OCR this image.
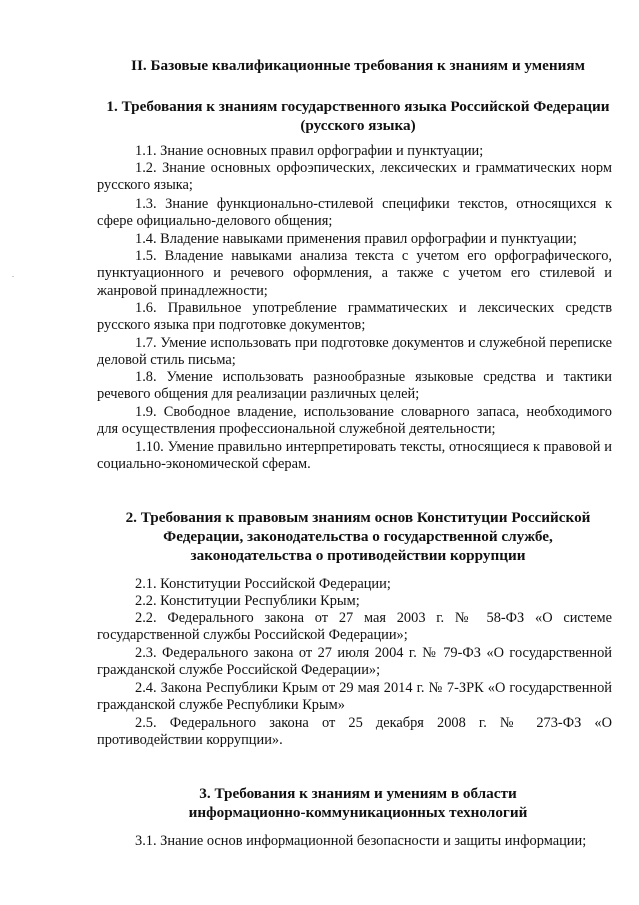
II. Базовые квалификационные требования к знаниям и умениям
1. Требования к знаниям государственного языка Российской Федерации
(русского языка)

1.1. Знание основных правил орфографии и пунктуации;

1.2. Знание основных орфоэпических, лексических и грамматических норм русского языка;

1.3. Знание функционально-стилевой специфики текстов, относящихся к сфере официально-делового общения;

1.4. Владение навыками применения правил орфографии и пунктуации;

1.5. Владение навыками анализа текста с учетом его орфографического, пунктуационного и речевого оформления, а также с учетом его стилевой и жанровой принадлежности;

1.6. Правильное употребление грамматических и лексических средств русского языка при подготовке документов;

1.7. Умение использовать при подготовке документов и служебной переписке деловой стиль письма;

1.8. Умение использовать разнообразные языковые средства и тактики речевого общения для реализации различных целей;

1.9. Свободное владение, использование словарного запаса, необходимого для осуществления профессиональной служебной деятельности;

1.10. Умение правильно интерпретировать тексты, относящиеся к правовой и социально-экономической сферам.

2. Требования к правовым знаниям основ Конституции Российской
Федерации, законодательства о государственной службе,
законодательства о противодействии коррупции

2.1. Конституции Российской Федерации;

2.2. Конституции Республики Крым;

2.2. Федерального закона от 27 мая 2003 г. № 58-ФЗ «О системе государственной службы Российской Федерации»;

2.3. Федерального закона от 27 июля 2004 г. № 79-ФЗ «О государственной гражданской службе Российской Федерации»;

2.4. Закона Республики Крым от 29 мая 2014 г. № 7-ЗРК «О государственной гражданской службе Республики Крым»

2.5. Федерального закона от 25 декабря 2008 г. № 273-ФЗ «О противодействии коррупции».

3. Требования к знаниям и умениям в области
информационно-коммуникационных технологий

3.1. Знание основ информационной безопасности и защиты информации;
